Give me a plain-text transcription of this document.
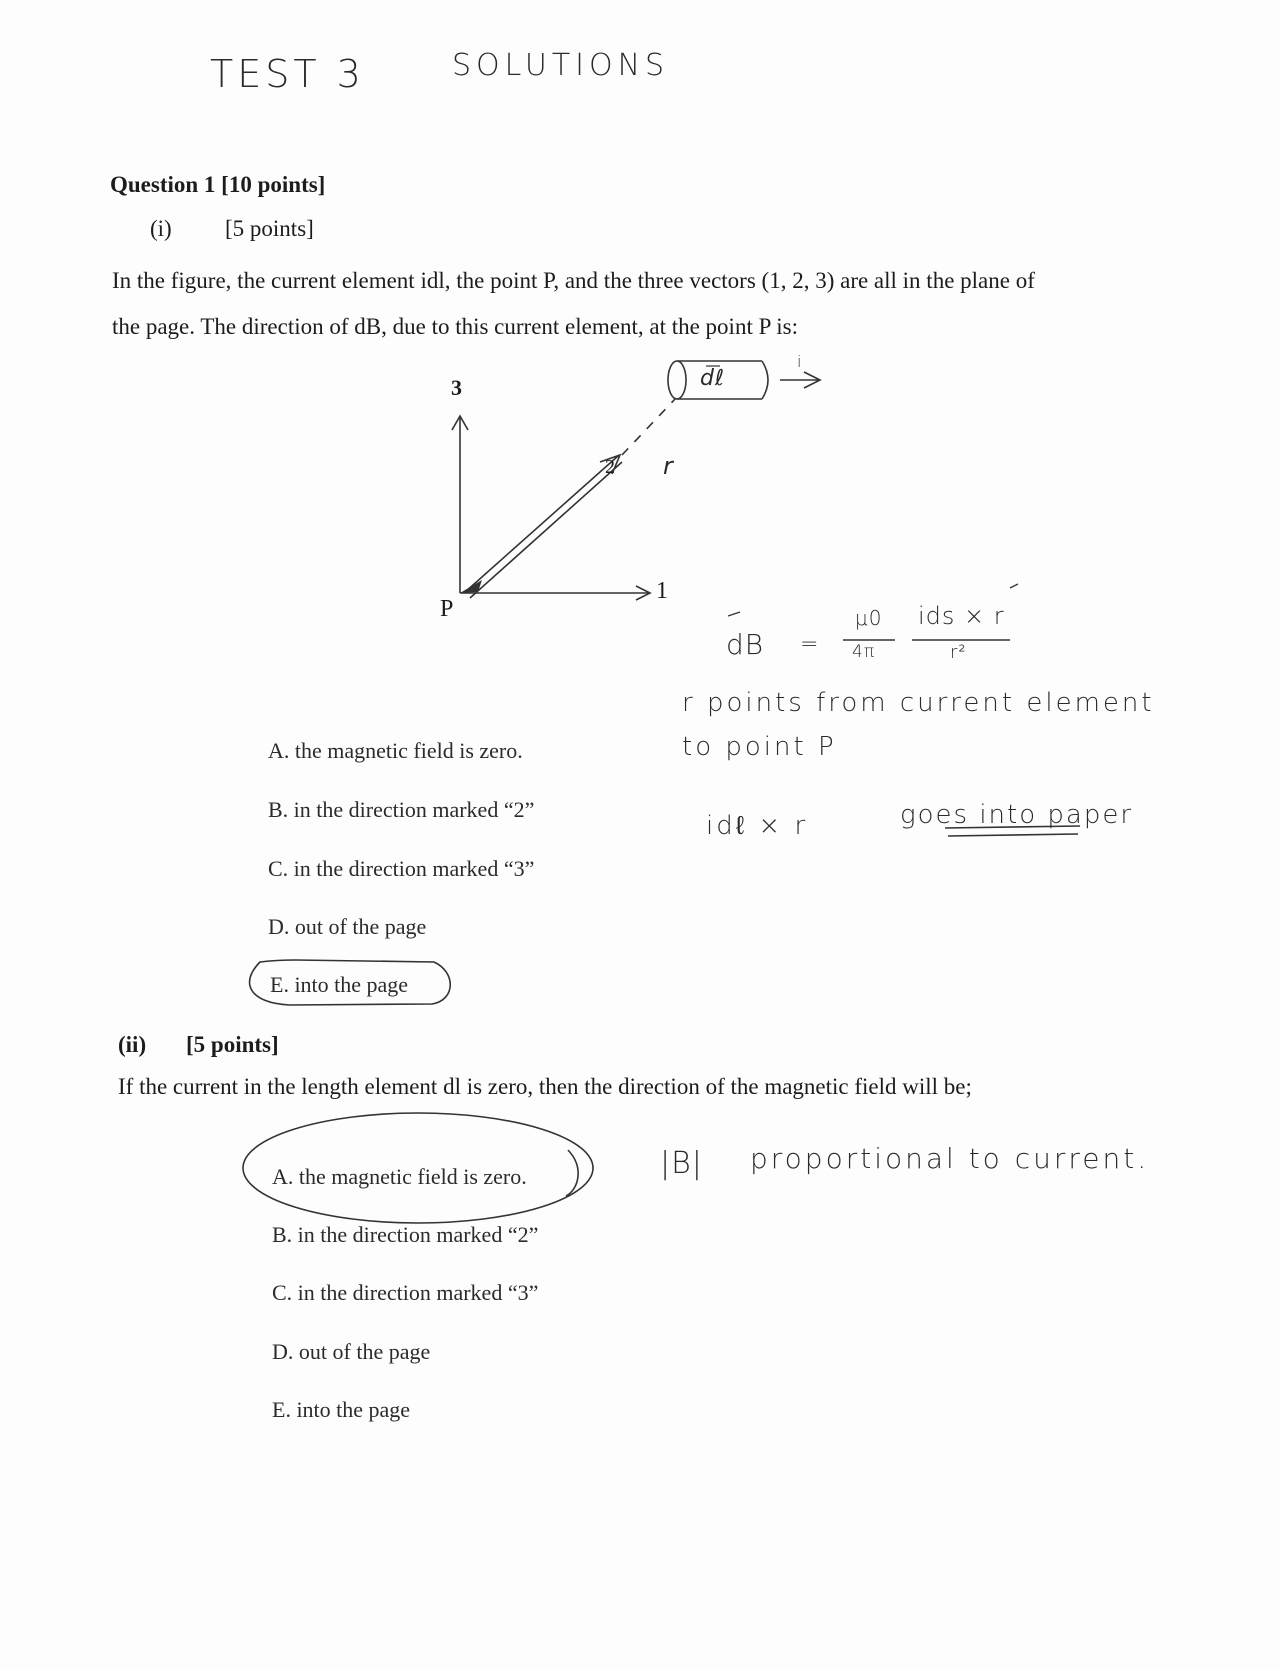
TEST 3	SOLUTIONS
Question 1 [10 points]
(i) [5 points]
In the figure, the current element idl, the point P, and the three vectors (1, 2, 3) are all in the plane of
the page. The direction of dB, due to this current element, at the point P is:
3
1
2
P
dℓ
i
r
dB =
μ0
4π
ids × r
r²
r points from current element
to point P
idℓ × r	goes into paper
A. the magnetic field is zero.
B. in the direction marked “2”
C. in the direction marked “3”
D. out of the page
E. into the page
(ii) [5 points]
If the current in the length element dl is zero, then the direction of the magnetic field will be;
A. the magnetic field is zero.
B. in the direction marked “2”
C. in the direction marked “3”
D. out of the page
E. into the page
|B| proportional to current.
